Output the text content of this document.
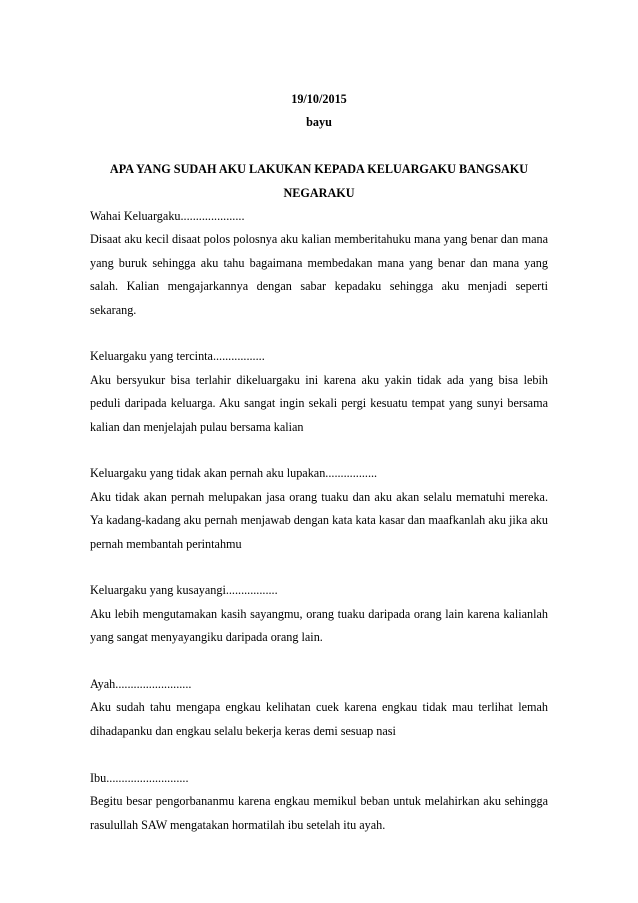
19/10/2015

bayu

APA YANG SUDAH AKU LAKUKAN KEPADA KELUARGAKU BANGSAKU
NEGARAKU

Wahai Keluargaku.....................

Disaat aku kecil disaat polos polosnya aku kalian memberitahuku mana yang benar dan mana yang buruk sehingga aku tahu bagaimana membedakan mana yang benar dan mana yang salah. Kalian mengajarkannya dengan sabar kepadaku sehingga aku menjadi seperti sekarang.

Keluargaku yang tercinta.................

Aku bersyukur bisa terlahir dikeluargaku ini karena aku yakin tidak ada yang bisa lebih peduli daripada keluarga. Aku sangat ingin sekali pergi kesuatu tempat yang sunyi bersama kalian dan menjelajah pulau bersama kalian

Keluargaku yang tidak akan pernah aku lupakan.................

Aku tidak akan pernah melupakan jasa orang tuaku dan aku akan selalu mematuhi mereka. Ya kadang-kadang aku pernah menjawab dengan kata kata kasar dan maafkanlah aku jika aku pernah membantah perintahmu

Keluargaku yang kusayangi.................

Aku lebih mengutamakan kasih sayangmu, orang tuaku daripada orang lain karena kalianlah yang sangat menyayangiku daripada orang lain.

Ayah.........................

Aku sudah tahu mengapa engkau kelihatan cuek karena engkau tidak mau terlihat lemah dihadapanku dan engkau selalu bekerja keras demi sesuap nasi

Ibu...........................

Begitu besar pengorbananmu karena engkau memikul beban untuk melahirkan aku sehingga rasulullah SAW mengatakan hormatilah ibu setelah itu ayah.
